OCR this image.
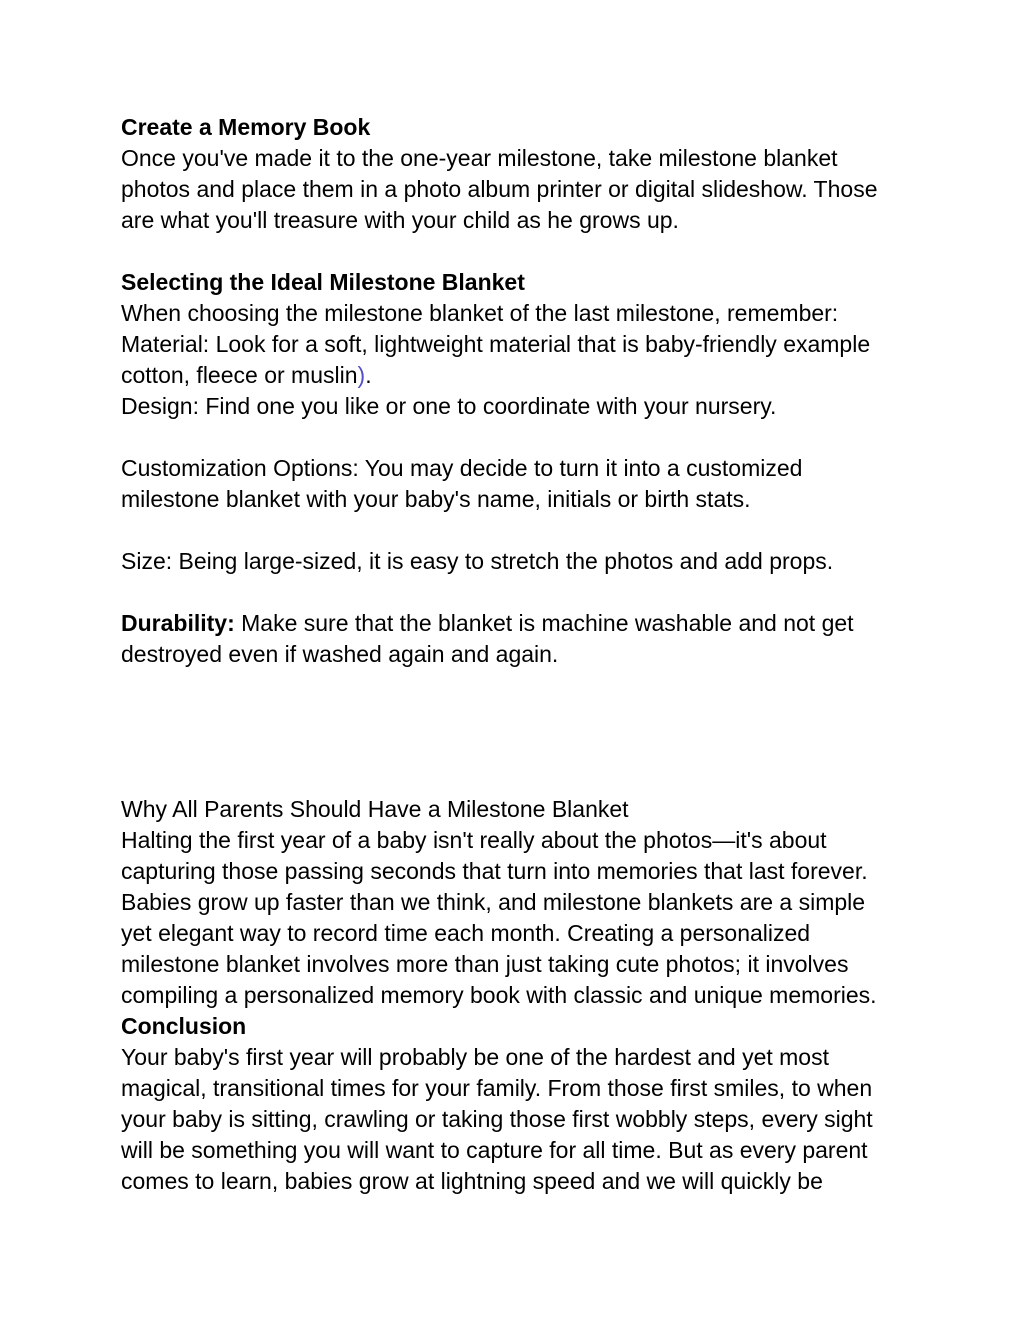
Create a Memory Book
Once you've made it to the one-year milestone, take milestone blanket
photos and place them in a photo album printer or digital slideshow. Those
are what you'll treasure with your child as he grows up.

Selecting the Ideal Milestone Blanket
When choosing the milestone blanket of the last milestone, remember:
Material: Look for a soft, lightweight material that is baby-friendly example
cotton, fleece or muslin).
Design: Find one you like or one to coordinate with your nursery.

Customization Options: You may decide to turn it into a customized
milestone blanket with your baby's name, initials or birth stats.

Size: Being large-sized, it is easy to stretch the photos and add props.

Durability: Make sure that the blanket is machine washable and not get
destroyed even if washed again and again.

Why All Parents Should Have a Milestone Blanket
Halting the first year of a baby isn't really about the photos—it's about
capturing those passing seconds that turn into memories that last forever.
Babies grow up faster than we think, and milestone blankets are a simple
yet elegant way to record time each month. Creating a personalized
milestone blanket involves more than just taking cute photos; it involves
compiling a personalized memory book with classic and unique memories.
Conclusion
Your baby's first year will probably be one of the hardest and yet most
magical, transitional times for your family. From those first smiles, to when
your baby is sitting, crawling or taking those first wobbly steps, every sight
will be something you will want to capture for all time. But as every parent
comes to learn, babies grow at lightning speed and we will quickly be
